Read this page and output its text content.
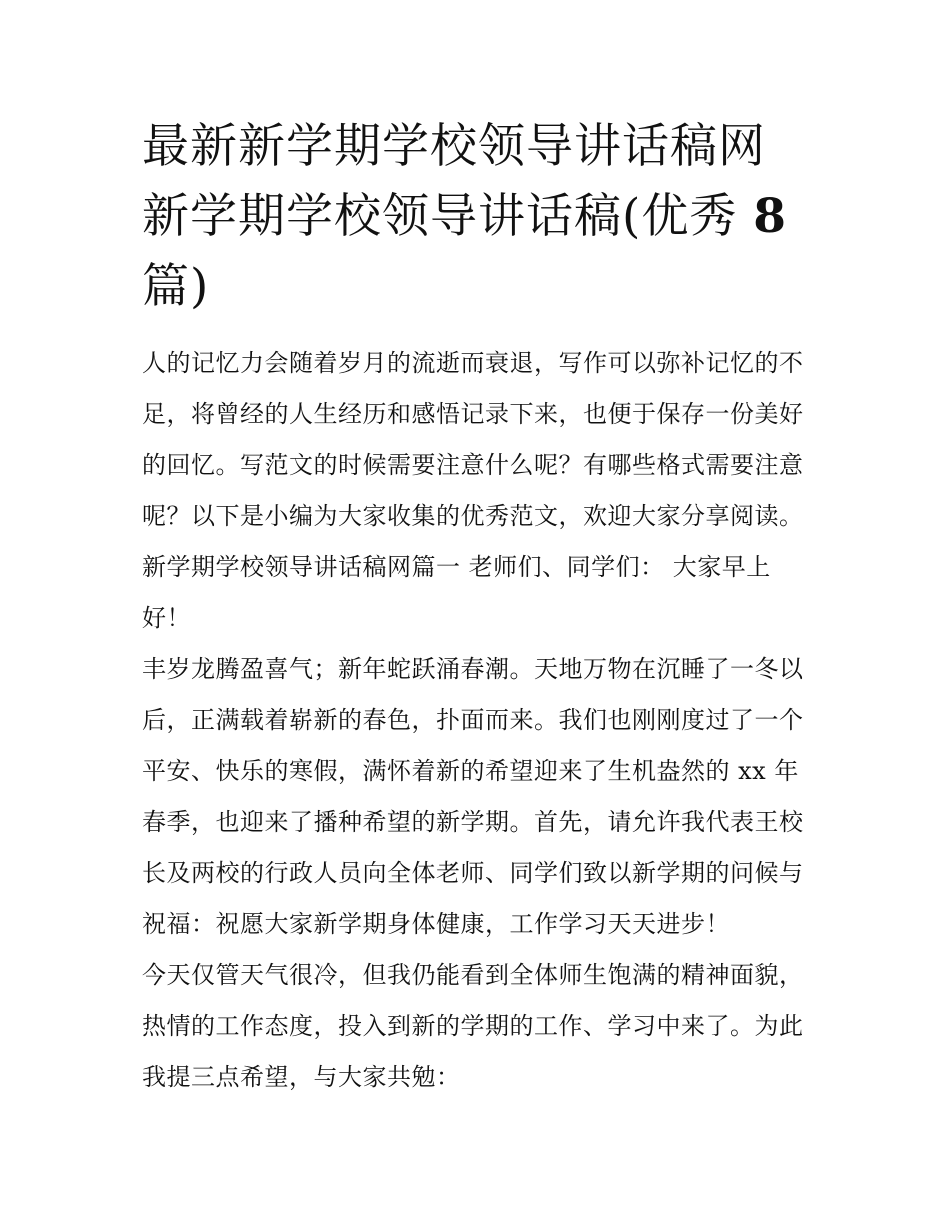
最新新学期学校领导讲话稿网
新学期学校领导讲话稿(优秀 8
篇)

人的记忆力会随着岁月的流逝而衰退，写作可以弥补记忆的不足，将曾经的人生经历和感悟记录下来，也便于保存一份美好的回忆。写范文的时候需要注意什么呢？有哪些格式需要注意呢？以下是小编为大家收集的优秀范文，欢迎大家分享阅读。

新学期学校领导讲话稿网篇一 老师们、同学们： 大家早上好！

丰岁龙腾盈喜气；新年蛇跃涌春潮。天地万物在沉睡了一冬以后，正满载着崭新的春色，扑面而来。我们也刚刚度过了一个平安、快乐的寒假，满怀着新的希望迎来了生机盎然的 xx 年春季，也迎来了播种希望的新学期。首先，请允许我代表王校长及两校的行政人员向全体老师、同学们致以新学期的问候与祝福：祝愿大家新学期身体健康，工作学习天天进步！

今天仅管天气很冷，但我仍能看到全体师生饱满的精神面貌，热情的工作态度，投入到新的学期的工作、学习中来了。为此我提三点希望，与大家共勉：
